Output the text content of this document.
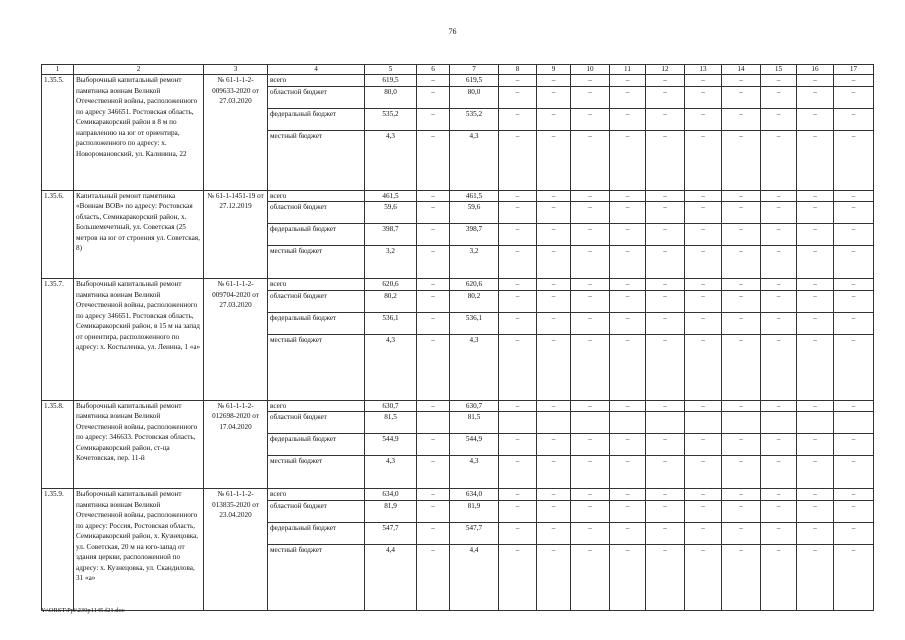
76
1	2	3	4	5	6	7	8	9	10	11	12	13	14	15	16	17	
1.35.5.	Выборочный капитальный ремонт памятника воинам Великой Отечественной войны, расположенного по адресу 346651. Ростовская область, Семикаракорский район в 8 м по направлению на юг от ориентира, расположенного по адресу: х. Новоромановский, ул. Калинина, 22	№ 61-1-1-2-009633-2020 от 27.03.2020	всего	619,5	–	619,5	–	–	–	–	–	–	–	–	–	–	
			областной бюджет	80,0	–	80,0	–	–	–	–	–	–	–	–	–	–	
			федеральный бюджет	535,2	–	535,2	–	–	–	–	–	–	–	–	–	–	
			местный бюджет	4,3	–	4,3	–	–	–	–	–	–	–	–	–	–	
1.35.6.	Капитальный ремонт памятника «Воинам ВОВ» по адресу: Ростовская область, Семикаракорский район, х. Большемечетный, ул. Советская (25 метров на юг от строения ул. Советская, 8)	№ 61-1-1451-19 от 27.12.2019	всего	461,5	–	461,5	–	–	–	–	–	–	–	–	–	–	
			областной бюджет	59,6	–	59,6	–	–	–	–	–	–	–	–	–	–	
			федеральный бюджет	398,7	–	398,7	–	–	–	–	–	–	–	–	–	–	
			местный бюджет	3,2	–	3,2	–	–	–	–	–	–	–	–	–	–	
1.35.7.	Выборочный капитальный ремонт памятника воинам Великой Отечественной войны, расположенного по адресу 346651. Ростовская область, Семикаракорский район, в 15 м на запад от ориентира, расположенного по адресу: х. Костыленка, ул. Ленина, 1 «а»	№ 61-1-1-2-009704-2020 от 27.03.2020	всего	620,6	–	620,6	–	–	–	–	–	–	–	–	–	–	
			областной бюджет	80,2	–	80,2	–	–	–	–	–	–	–	–	–	–	
			федеральный бюджет	536,1	–	536,1	–	–	–	–	–	–	–	–	–	–	
			местный бюджет	4,3	–	4,3	–	–	–	–	–	–	–	–	–	–	
1.35.8.	Выборочный капитальный ремонт памятника воинам Великой Отечественной войны, расположенного по адресу: 346633. Ростовская область, Семикаракорский район, ст-ца Кочетовская, пер. 11-й	№ 61-1-1-2-012698-2020 от 17.04.2020	всего	630,7	–	630,7	–	–	–	–	–	–	–	–	–	–	
			областной бюджет	81,5		81,5											
			федеральный бюджет	544,9	–	544,9	–	–	–	–	–	–	–	–	–	–	
			местный бюджет	4,3	–	4,3	–	–	–	–	–	–	–	–	–	–	
1.35.9.	Выборочный капитальный ремонт памятника воинам Великой Отечественной войны, расположенного по адресу: Россия, Ростовская область, Семикаракорский район, х. Кузнецовка, ул. Советская, 20 м на юго-запад от здания церкви, расположенной по адресу: х. Кузнецовка, ул. Скандилова, 31 «а»	№ 61-1-1-2-013835-2020 от 23.04.2020	всего	634,0	–	634,0	–	–	–	–	–	–	–	–	–	–	
			областной бюджет	81,9	–	81,9	–	–	–	–	–	–	–	–	–	–	
			федеральный бюджет	547,7	–	547,7	–	–	–	–	–	–	–	–	–	–	
			местный бюджет	4,4	–	4,4	–	–	–	–	–	–	–	–	–	–	
Y:\ORST\Ppi\230p1145.f21.doc
